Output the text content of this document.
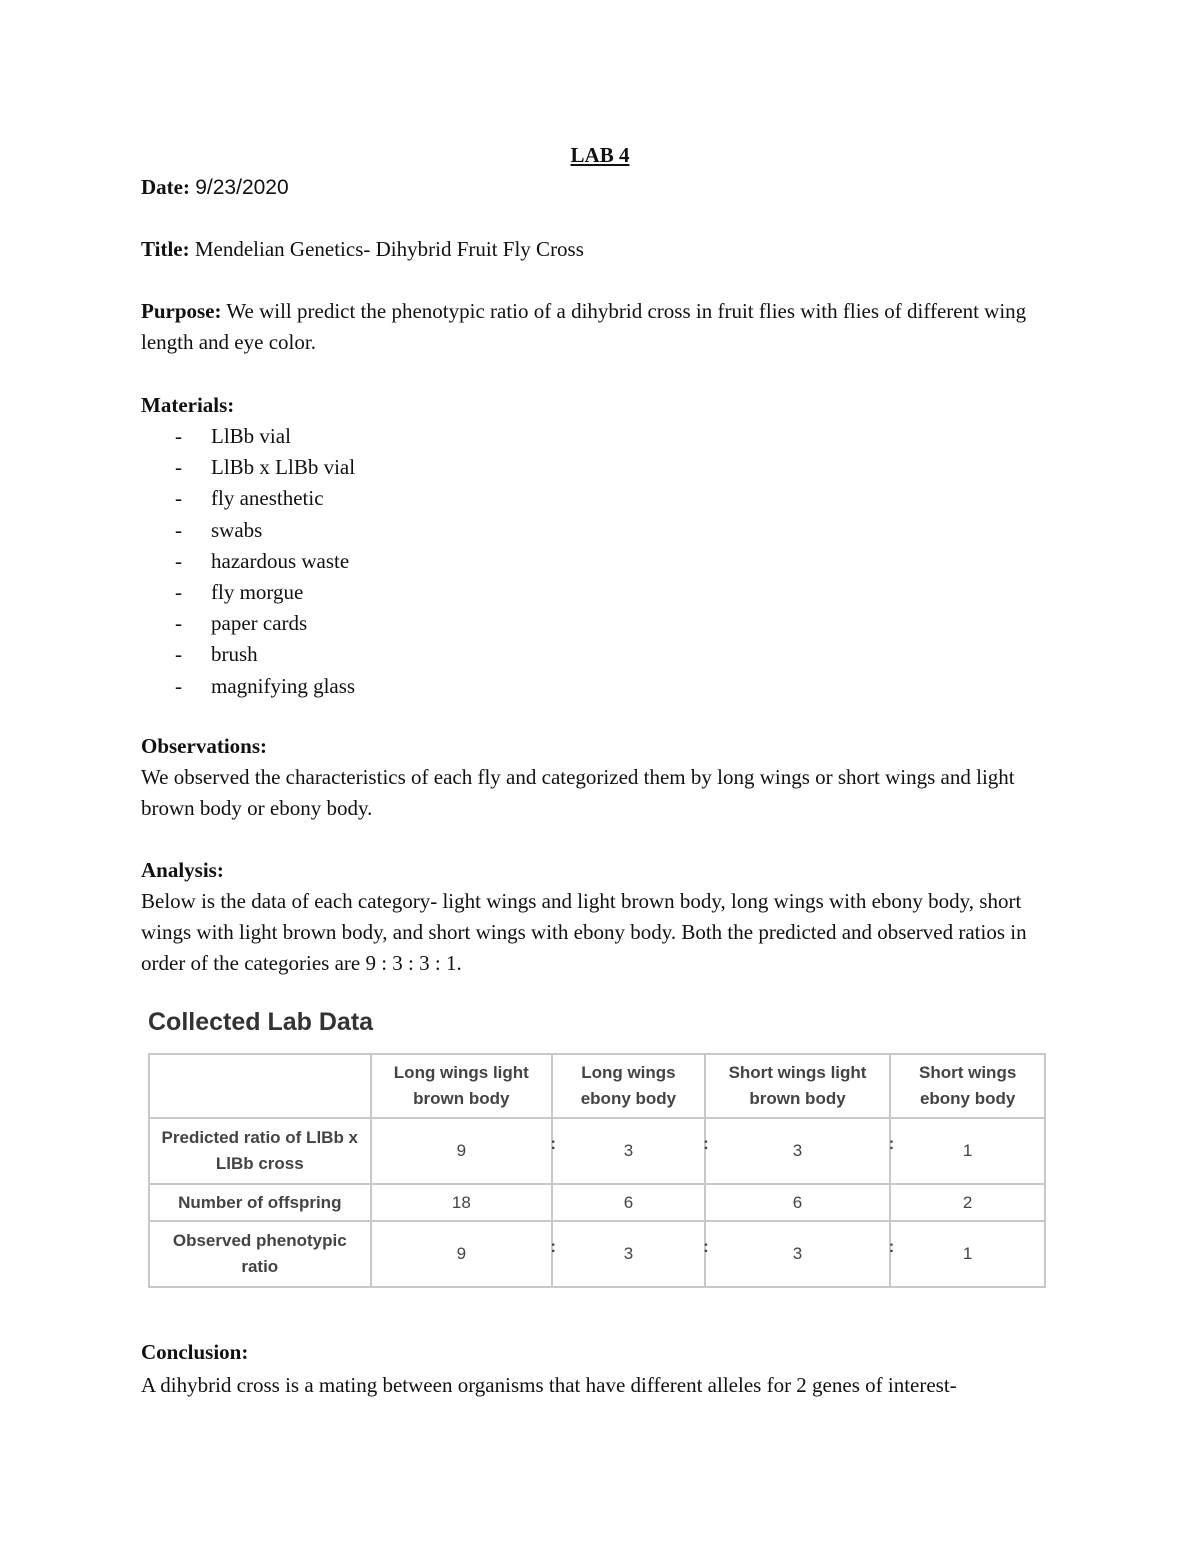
LAB 4
Date: 9/23/2020
Title: Mendelian Genetics- Dihybrid Fruit Fly Cross
Purpose: We will predict the phenotypic ratio of a dihybrid cross in fruit flies with flies of different wing length and eye color.
Materials:
- LlBb vial
- LlBb x LlBb vial
- fly anesthetic
- swabs
- hazardous waste
- fly morgue
- paper cards
- brush
- magnifying glass
Observations:
We observed the characteristics of each fly and categorized them by long wings or short wings and light brown body or ebony body.
Analysis:
Below is the data of each category- light wings and light brown body, long wings with ebony body, short wings with light brown body, and short wings with ebony body. Both the predicted and observed ratios in order of the categories are 9 : 3 : 3 : 1.
Collected Lab Data
	Long wings light brown body	Long wings ebony body	Short wings light brown body	Short wings ebony body
Predicted ratio of LlBb x LlBb cross	9 :	3 :	3 :	1
Number of offspring	18	6	6	2
Observed phenotypic ratio	9 :	3 :	3 :	1
Conclusion:
A dihybrid cross is a mating between organisms that have different alleles for 2 genes of interest-
